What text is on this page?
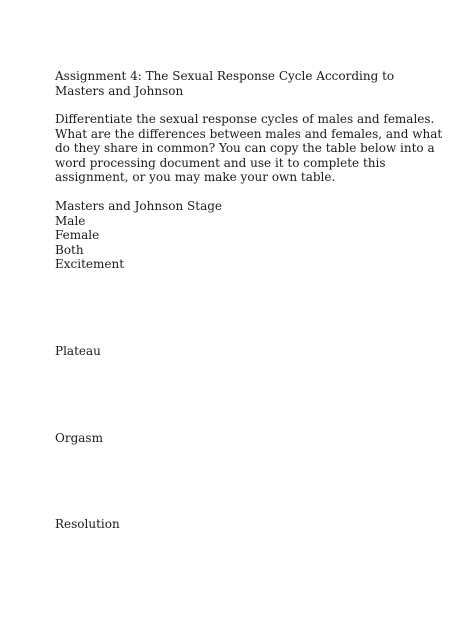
Assignment 4: The Sexual Response Cycle According to
Masters and Johnson

Differentiate the sexual response cycles of males and females.
What are the differences between males and females, and what
do they share in common? You can copy the table below into a
word processing document and use it to complete this
assignment, or you may make your own table.

Masters and Johnson Stage
Male
Female
Both
Excitement
Plateau
Orgasm
Resolution
